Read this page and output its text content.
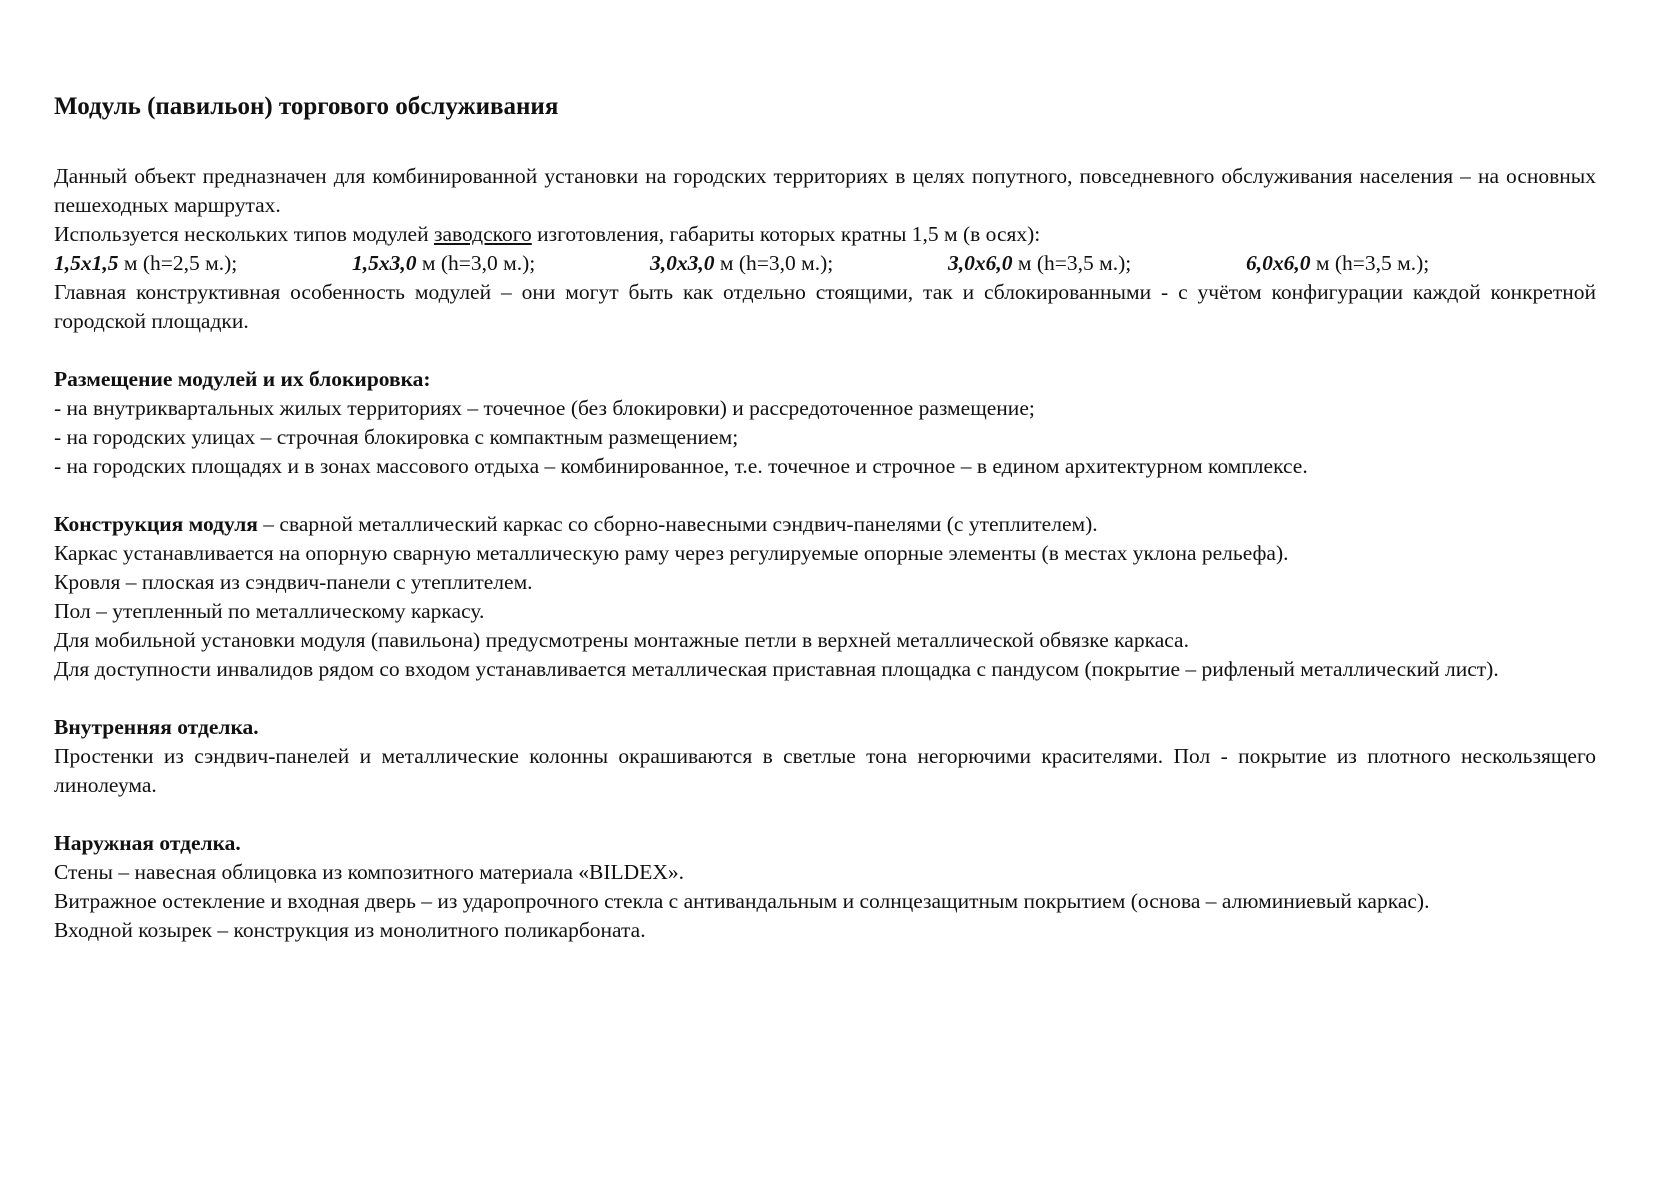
Модуль (павильон) торгового обслуживания

Данный объект предназначен для комбинированной установки на городских территориях в целях попутного, повседневного обслуживания населения – на основных пешеходных маршрутах.

Используется нескольких типов модулей заводского изготовления, габариты которых кратны 1,5 м (в осях):

1,5х1,5 м (h=2,5 м.);	1,5х3,0 м (h=3,0 м.);	3,0х3,0 м (h=3,0 м.);	3,0х6,0 м (h=3,5 м.);	6,0х6,0 м (h=3,5 м.);

Главная конструктивная особенность модулей – они могут быть как отдельно стоящими, так и сблокированными - с учётом конфигурации каждой конкретной городской площадки.

Размещение модулей и их блокировка:

- на внутриквартальных жилых территориях – точечное (без блокировки) и рассредоточенное размещение;

- на городских улицах – строчная блокировка с компактным размещением;

- на городских площадях и в зонах массового отдыха – комбинированное, т.е. точечное и строчное – в едином архитектурном комплексе.

Конструкция модуля – сварной металлический каркас со сборно-навесными сэндвич-панелями (с утеплителем).

Каркас устанавливается на опорную сварную металлическую раму через регулируемые опорные элементы (в местах уклона рельефа).

Кровля – плоская из сэндвич-панели с утеплителем.

Пол – утепленный по металлическому каркасу.

Для мобильной установки модуля (павильона) предусмотрены монтажные петли в верхней металлической обвязке каркаса.

Для доступности инвалидов рядом со входом устанавливается металлическая приставная площадка с пандусом (покрытие – рифленый металлический лист).

Внутренняя отделка.

Простенки из сэндвич-панелей и металлические колонны окрашиваются в светлые тона негорючими красителями. Пол - покрытие из плотного нескользящего линолеума.

Наружная отделка.

Стены – навесная облицовка из композитного материала «BILDEX».

Витражное остекление и входная дверь – из ударопрочного стекла с антивандальным и солнцезащитным покрытием (основа – алюминиевый каркас).

Входной козырек – конструкция из монолитного поликарбоната.
